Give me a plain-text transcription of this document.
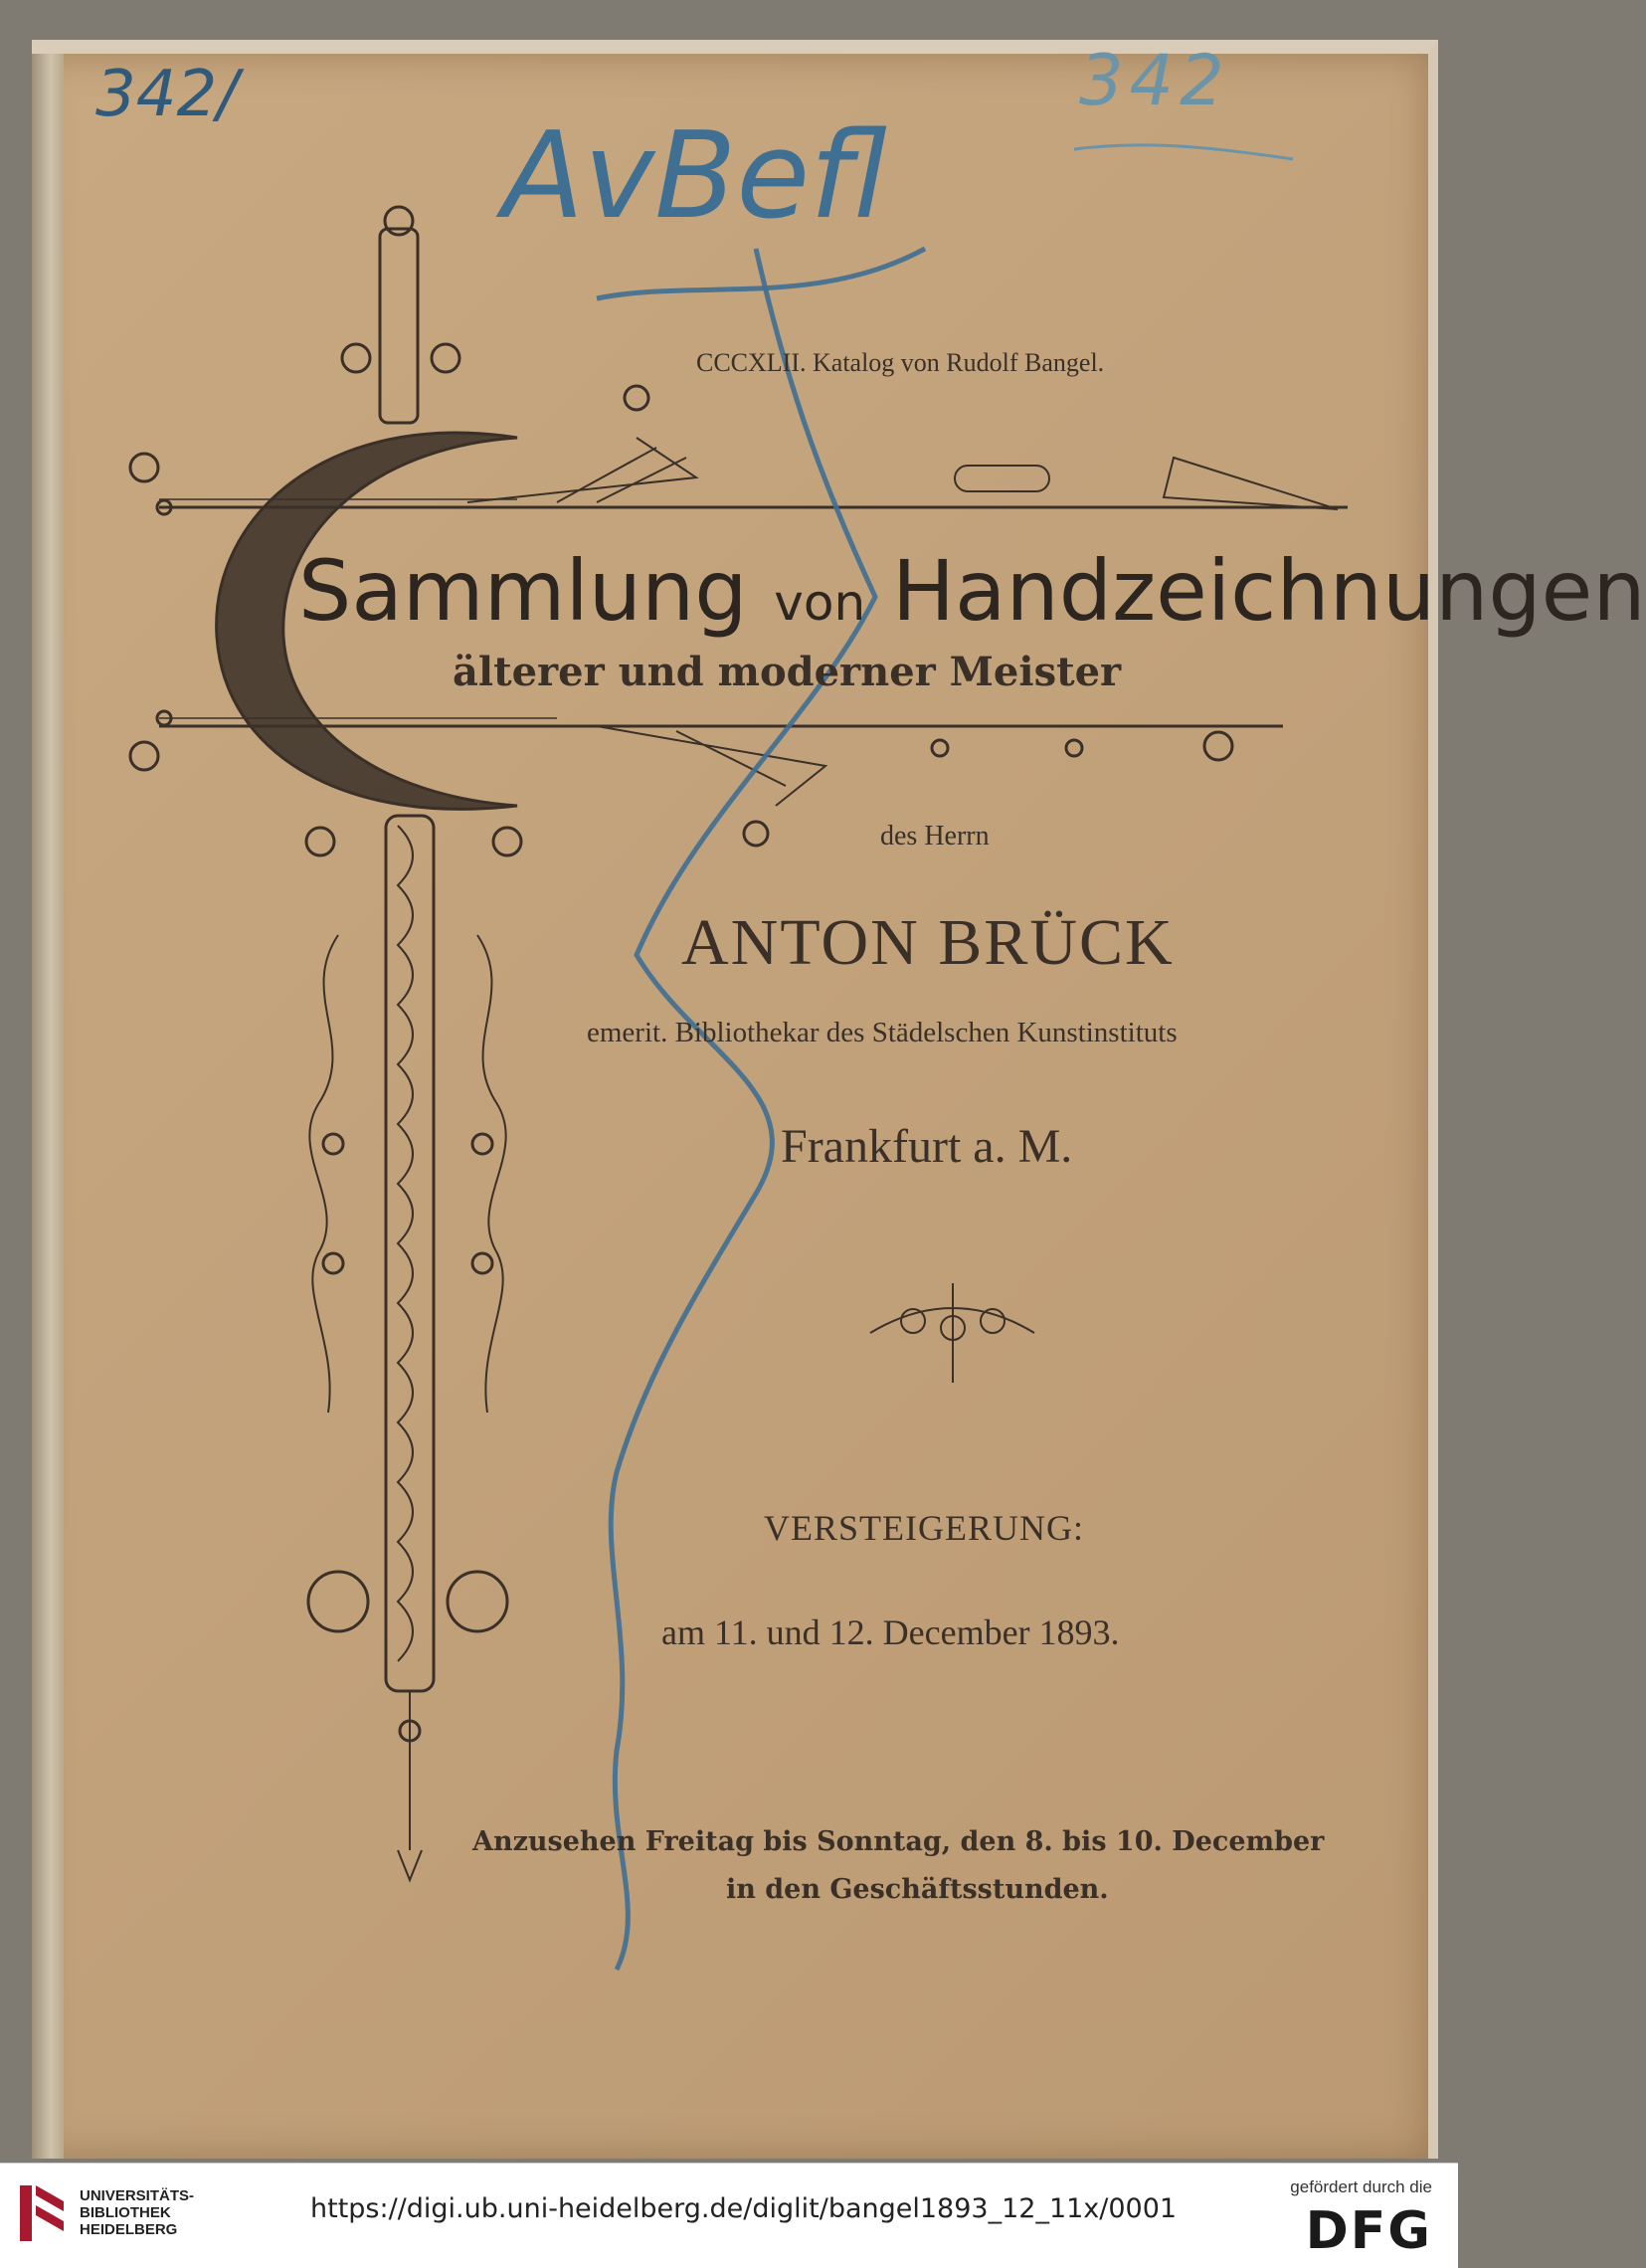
342/	342
AvBefl
CCCXLII. Katalog von Rudolf Bangel.
Sammlung von Handzeichnungen
älterer und moderner Meister
des Herrn
ANTON BRÜCK
emerit. Bibliothekar des Städelschen Kunstinstituts
Frankfurt a. M.
VERSTEIGERUNG:
am 11. und 12. December 1893.
Anzusehen Freitag bis Sonntag, den 8. bis 10. December
in den Geschäftsstunden.
UNIVERSITÄTS-
BIBLIOTHEK
HEIDELBERG
https://digi.ub.uni-heidelberg.de/diglit/bangel1893_12_11x/0001
gefördert durch die
DFG
